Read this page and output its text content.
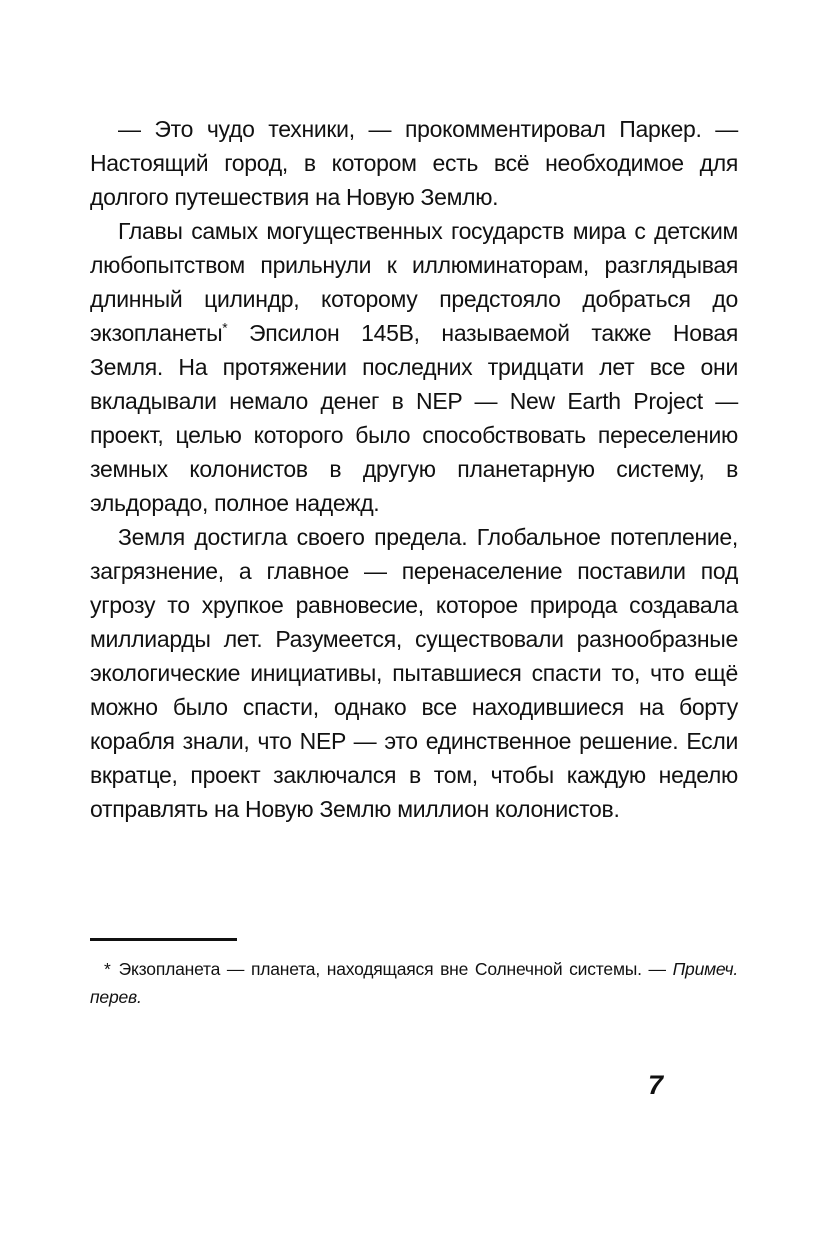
— Это чудо техники, — прокомментировал Паркер. — Настоящий город, в котором есть всё необходимое для долгого путешествия на Новую Землю.

Главы самых могущественных государств мира с детским любопытством прильнули к иллюминаторам, разглядывая длинный цилиндр, которому предстояло добраться до экзопланеты* Эпсилон 145B, называемой также Новая Земля. На протяжении последних тридцати лет все они вкладывали немало денег в NEP — New Earth Project — проект, целью которого было способствовать переселению земных колонистов в другую планетарную систему, в эльдорадо, полное надежд.

Земля достигла своего предела. Глобальное потепление, загрязнение, а главное — перенаселение поставили под угрозу то хрупкое равновесие, которое природа создавала миллиарды лет. Разумеется, существовали разнообразные экологические инициативы, пытавшиеся спасти то, что ещё можно было спасти, однако все находившиеся на борту корабля знали, что NEP — это единственное решение. Если вкратце, проект заключался в том, чтобы каждую неделю отправлять на Новую Землю миллион колонистов.

* Экзопланета — планета, находящаяся вне Солнечной системы. — Примеч. перев.

7
